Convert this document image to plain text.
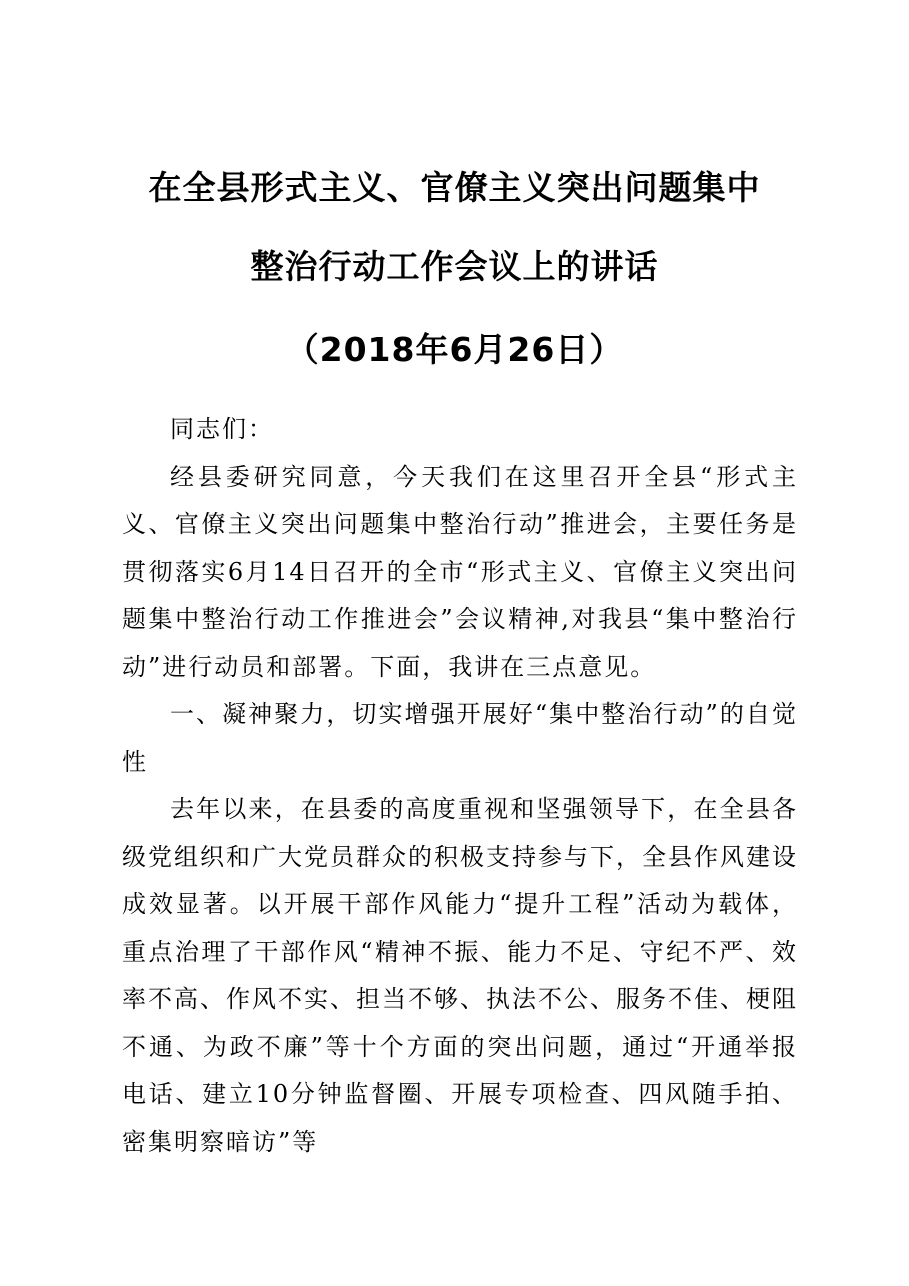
在全县形式主义、官僚主义突出问题集中
整治行动工作会议上的讲话
（2018年6月26日）

同志们：

经县委研究同意，今天我们在这里召开全县“形式主义、官僚主义突出问题集中整治行动”推进会，主要任务是贯彻落实6月14日召开的全市“形式主义、官僚主义突出问题集中整治行动工作推进会”会议精神,对我县“集中整治行动”进行动员和部署。下面，我讲在三点意见。

一、凝神聚力，切实增强开展好“集中整治行动”的自觉性

去年以来，在县委的高度重视和坚强领导下，在全县各级党组织和广大党员群众的积极支持参与下，全县作风建设成效显著。以开展干部作风能力“提升工程”活动为载体，重点治理了干部作风“精神不振、能力不足、守纪不严、效率不高、作风不实、担当不够、执法不公、服务不佳、梗阻不通、为政不廉”等十个方面的突出问题，通过“开通举报电话、建立10分钟监督圈、开展专项检查、四风随手拍、密集明察暗访”等
